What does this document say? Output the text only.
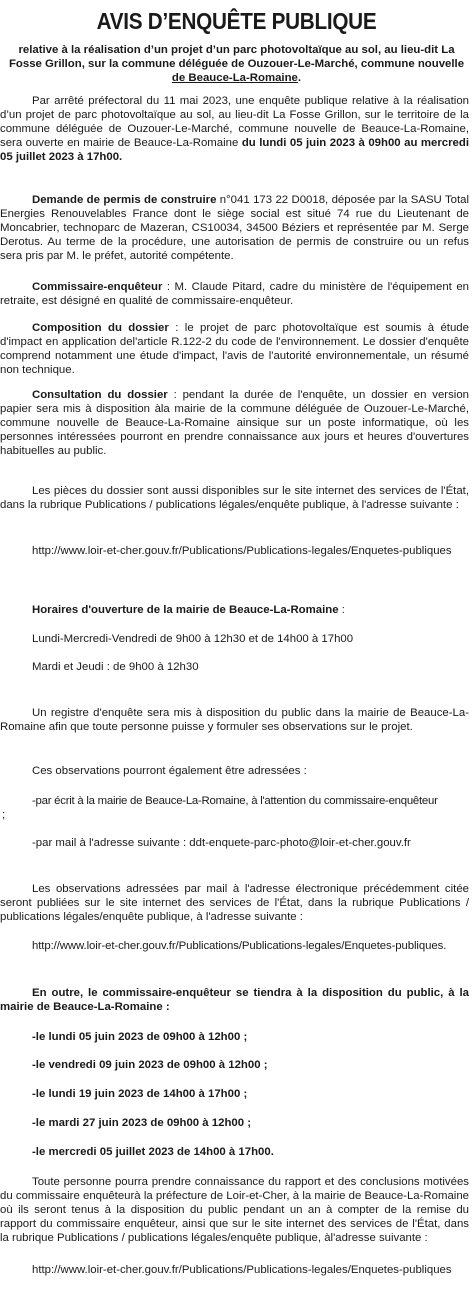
AVIS D’ENQUÊTE PUBLIQUE

relative à la réalisation d’un projet d’un parc photovoltaïque au sol, au lieu-dit La Fosse Grillon, sur la commune déléguée de Ouzouer-Le-Marché, commune nouvelle de Beauce-La-Romaine.

Par arrêté préfectoral du 11 mai 2023, une enquête publique relative à la réalisation d’un projet de parc photovoltaïque au sol, au lieu-dit La Fosse Grillon, sur le territoire de la commune déléguée de Ouzouer-Le-Marché, commune nouvelle de Beauce-La-Romaine, sera ouverte en mairie de Beauce-La-Romaine du lundi 05 juin 2023 à 09h00 au mercredi 05 juillet 2023 à 17h00.

Demande de permis de construire n°041 173 22 D0018, déposée par la SASU Total Energies Renouvelables France dont le siège social est situé 74 rue du Lieutenant de Moncabrier, technoparc de Mazeran, CS10034, 34500 Béziers et représentée par M. Serge Derotus. Au terme de la procédure, une autorisation de permis de construire ou un refus sera pris par M. le préfet, autorité compétente.

Commissaire-enquêteur : M. Claude Pitard, cadre du ministère de l'équipement en retraite, est désigné en qualité de commissaire-enquêteur.

Composition du dossier : le projet de parc photovoltaïque est soumis à étude d'impact en application del'article R.122-2 du code de l'environnement. Le dossier d'enquête comprend notamment une étude d'impact, l'avis de l'autorité environnementale, un résumé non technique.

Consultation du dossier : pendant la durée de l'enquête, un dossier en version papier sera mis à disposition àla mairie de la commune déléguée de Ouzouer-Le-Marché, commune nouvelle de Beauce-La-Romaine ainsique sur un poste informatique, où les personnes intéressées pourront en prendre connaissance aux jours et heures d'ouvertures habituelles au public.

Les pièces du dossier sont aussi disponibles sur le site internet des services de l'État, dans la rubrique Publications / publications légales/enquête publique, à l'adresse suivante :

http://www.loir-et-cher.gouv.fr/Publications/Publications-legales/Enquetes-publiques
Horaires d'ouverture de la mairie de Beauce-La-Romaine :
Lundi-Mercredi-Vendredi de 9h00 à 12h30 et de 14h00 à 17h00
Mardi et Jeudi : de 9h00 à 12h30

Un registre d'enquête sera mis à disposition du public dans la mairie de Beauce-La-Romaine afin que toute personne puisse y formuler ses observations sur le projet.

Ces observations pourront également être adressées :
-par écrit à la mairie de Beauce-La-Romaine, à l'attention du commissaire-enquêteur
;
-par mail à l'adresse suivante : ddt-enquete-parc-photo@loir-et-cher.gouv.fr

Les observations adressées par mail à l'adresse électronique précédemment citée seront publiées sur le site internet des services de l'État, dans la rubrique Publications / publications légales/enquête publique, à l'adresse suivante :

http://www.loir-et-cher.gouv.fr/Publications/Publications-legales/Enquetes-publiques.

En outre, le commissaire-enquêteur se tiendra à la disposition du public, à la mairie de Beauce-La-Romaine :

-le lundi 05 juin 2023 de 09h00 à 12h00 ;
-le vendredi 09 juin 2023 de 09h00 à 12h00 ;
-le lundi 19 juin 2023 de 14h00 à 17h00 ;
-le mardi 27 juin 2023 de 09h00 à 12h00 ;
-le mercredi 05 juillet 2023 de 14h00 à 17h00.

Toute personne pourra prendre connaissance du rapport et des conclusions motivées du commissaire enquêteurà la préfecture de Loir-et-Cher, à la mairie de Beauce-La-Romaine où ils seront tenus à la disposition du public pendant un an à compter de la remise du rapport du commissaire enquêteur, ainsi que sur le site internet des services de l'État, dans la rubrique Publications / publications légales/enquête publique, àl'adresse suivante :

http://www.loir-et-cher.gouv.fr/Publications/Publications-legales/Enquetes-publiques
